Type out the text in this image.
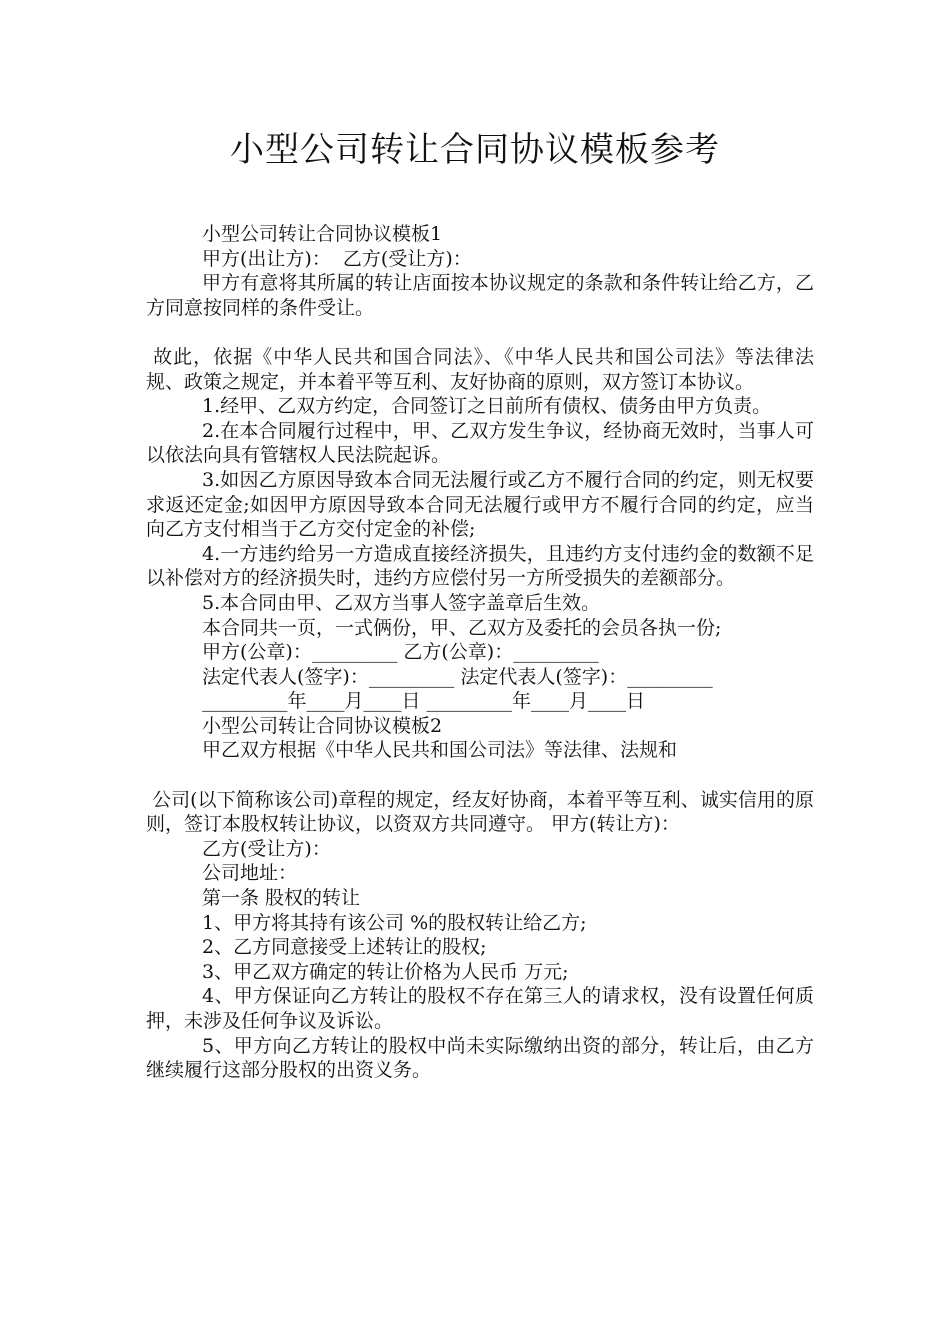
小型公司转让合同协议模板参考

小型公司转让合同协议模板1

甲方(出让方)：  乙方(受让方)：

甲方有意将其所属的转让店面按本协议规定的条款和条件转让给乙方，乙方同意按同样的条件受让。

故此，依据《中华人民共和国合同法》、《中华人民共和国公司法》等法律法规、政策之规定，并本着平等互利、友好协商的原则，双方签订本协议。

1.经甲、乙双方约定，合同签订之日前所有债权、债务由甲方负责。

2.在本合同履行过程中，甲、乙双方发生争议，经协商无效时，当事人可以依法向具有管辖权人民法院起诉。

3.如因乙方原因导致本合同无法履行或乙方不履行合同的约定，则无权要求返还定金;如因甲方原因导致本合同无法履行或甲方不履行合同的约定，应当向乙方支付相当于乙方交付定金的补偿;

4.一方违约给另一方造成直接经济损失，且违约方支付违约金的数额不足以补偿对方的经济损失时，违约方应偿付另一方所受损失的差额部分。

5.本合同由甲、乙双方当事人签字盖章后生效。

本合同共一页，一式俩份，甲、乙双方及委托的会员各执一份;

甲方(公章)：_________ 乙方(公章)：_________

法定代表人(签字)：_________ 法定代表人(签字)：_________

_________年____月____日 _________年____月____日

小型公司转让合同协议模板2

甲乙双方根据《中华人民共和国公司法》等法律、法规和

公司(以下简称该公司)章程的规定，经友好协商，本着平等互利、诚实信用的原则，签订本股权转让协议，以资双方共同遵守。 甲方(转让方)：

乙方(受让方)：

公司地址：

第一条 股权的转让

1、甲方将其持有该公司 %的股权转让给乙方;

2、乙方同意接受上述转让的股权;

3、甲乙双方确定的转让价格为人民币 万元;

4、甲方保证向乙方转让的股权不存在第三人的请求权，没有设置任何质押，未涉及任何争议及诉讼。

5、甲方向乙方转让的股权中尚未实际缴纳出资的部分，转让后，由乙方继续履行这部分股权的出资义务。
